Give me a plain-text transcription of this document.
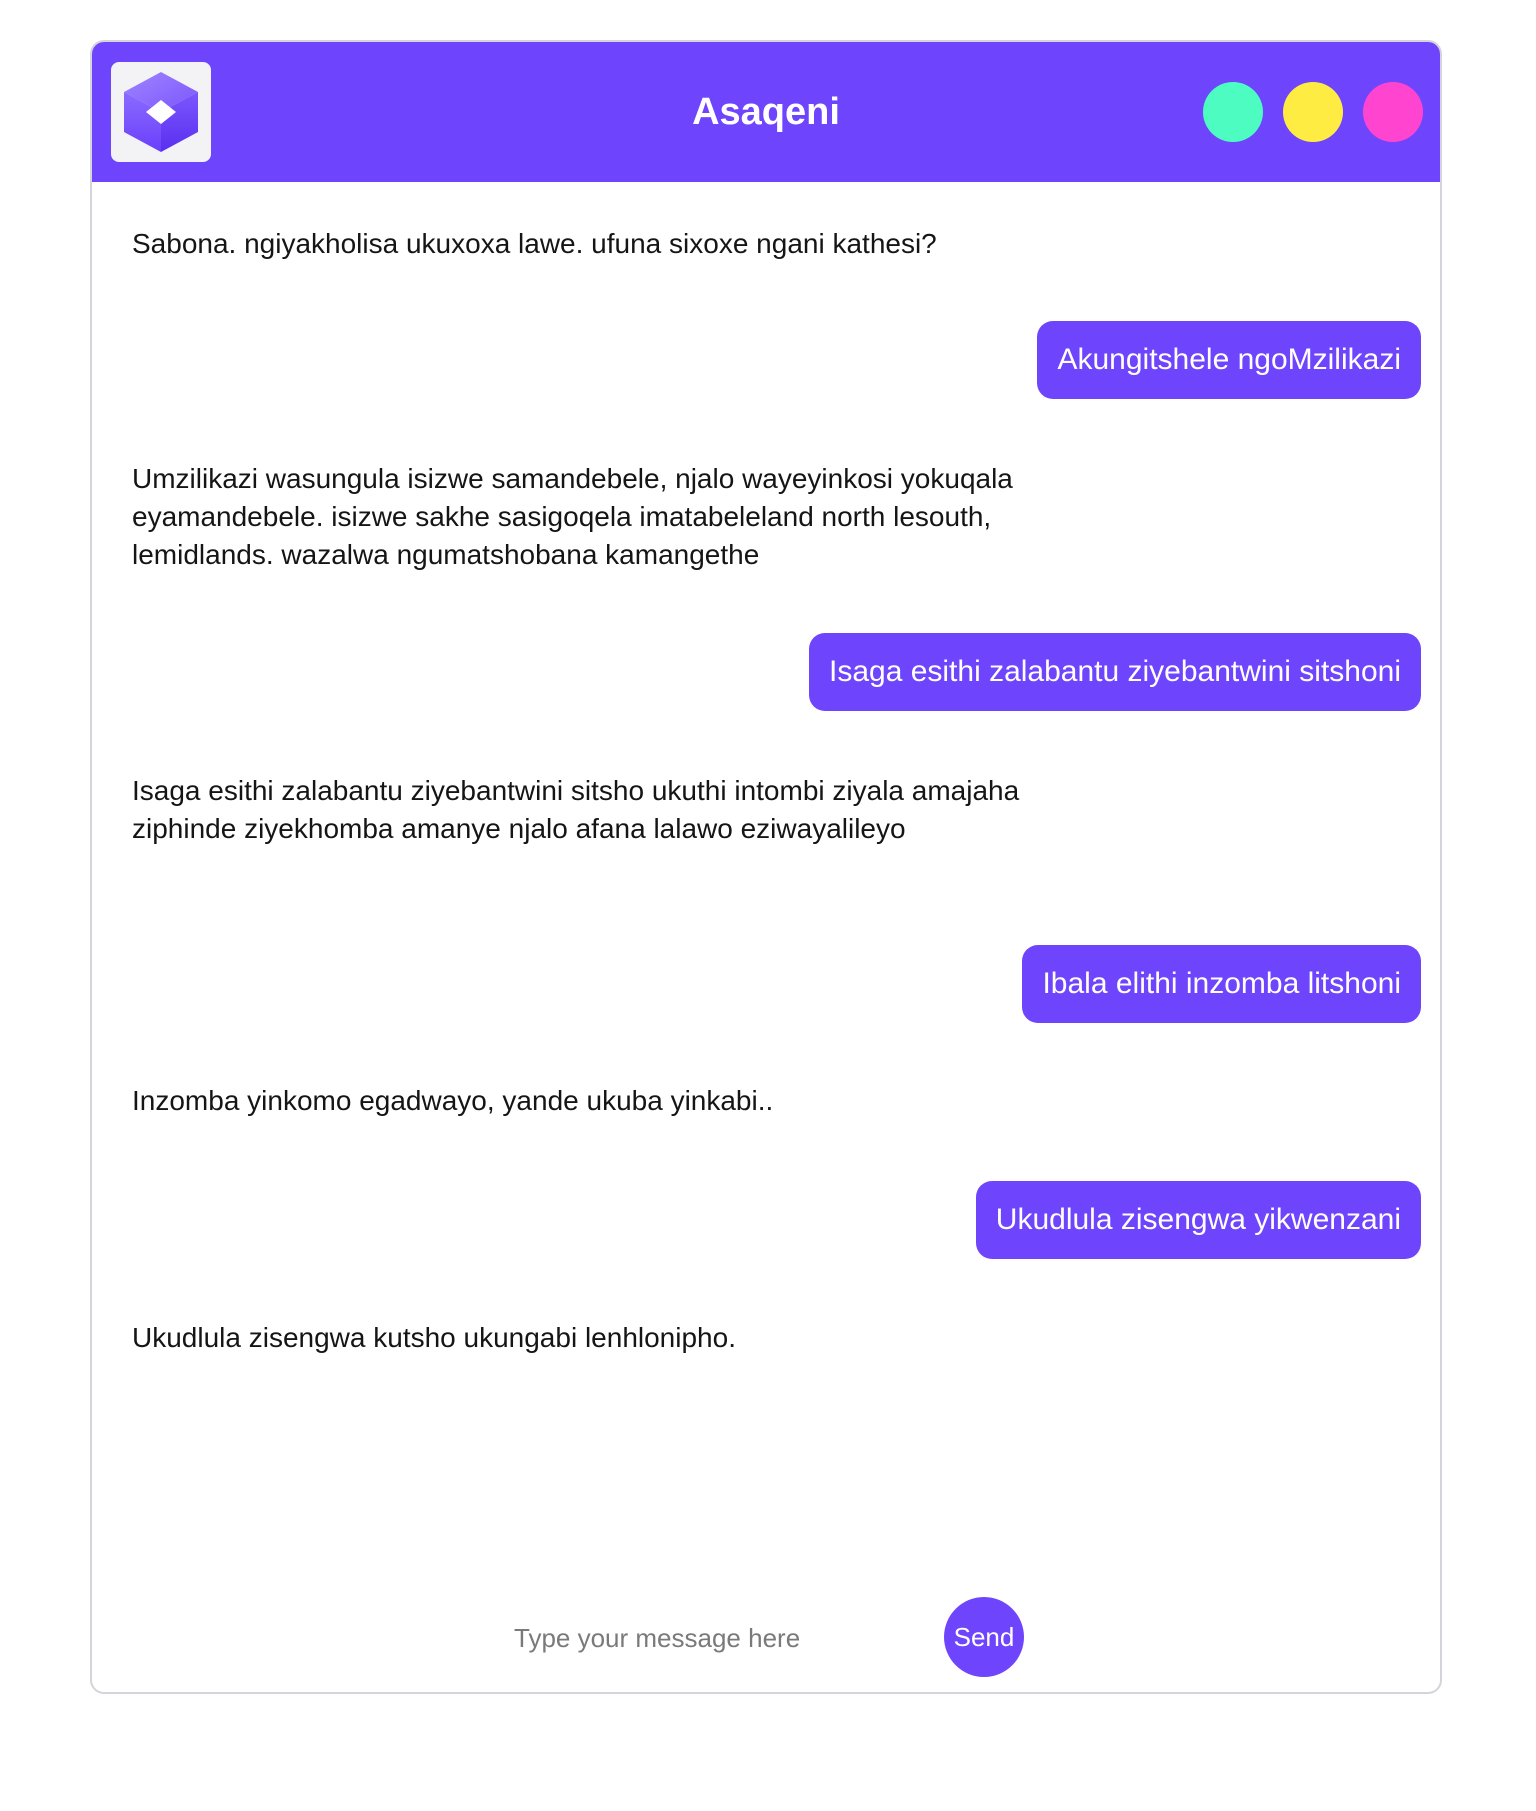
Asaqeni
Sabona. ngiyakholisa ukuxoxa lawe. ufuna sixoxe ngani kathesi?
Akungitshele ngoMzilikazi
Umzilikazi wasungula isizwe samandebele, njalo wayeyinkosi yokuqala eyamandebele. isizwe sakhe sasigoqela imatabeleland north lesouth, lemidlands. wazalwa ngumatshobana kamangethe
Isaga esithi zalabantu ziyebantwini sitshoni
Isaga esithi zalabantu ziyebantwini sitsho ukuthi intombi ziyala amajaha ziphinde ziyekhomba amanye njalo afana lalawo eziwayalileyo
Ibala elithi inzomba litshoni
Inzomba yinkomo egadwayo, yande ukuba yinkabi..
Ukudlula zisengwa yikwenzani
Ukudlula zisengwa kutsho ukungabi lenhlonipho.
Type your message here
Send
